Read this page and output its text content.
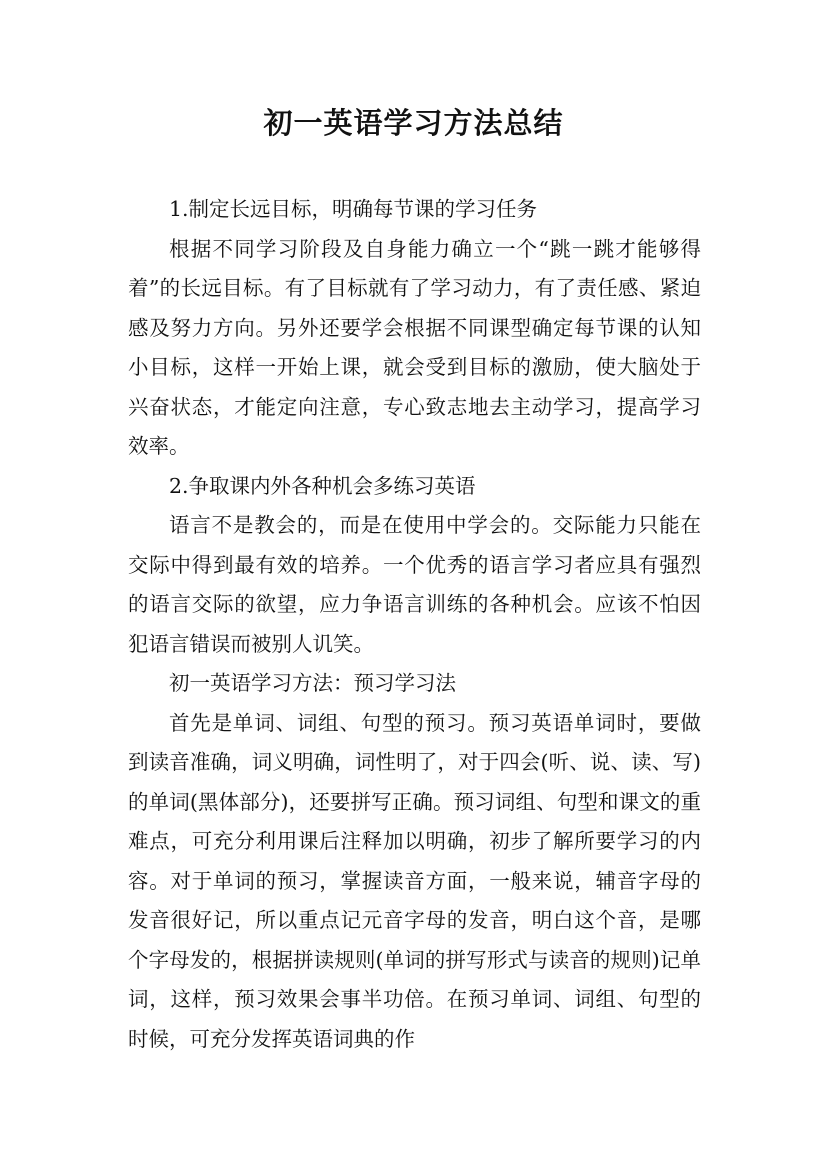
初一英语学习方法总结

1.制定长远目标，明确每节课的学习任务

根据不同学习阶段及自身能力确立一个“跳一跳才能够得着”的长远目标。有了目标就有了学习动力，有了责任感、紧迫感及努力方向。另外还要学会根据不同课型确定每节课的认知小目标，这样一开始上课，就会受到目标的激励，使大脑处于兴奋状态，才能定向注意，专心致志地去主动学习，提高学习效率。

2.争取课内外各种机会多练习英语

语言不是教会的，而是在使用中学会的。交际能力只能在交际中得到最有效的培养。一个优秀的语言学习者应具有强烈的语言交际的欲望，应力争语言训练的各种机会。应该不怕因犯语言错误而被别人讥笑。

初一英语学习方法：预习学习法

首先是单词、词组、句型的预习。预习英语单词时，要做到读音准确，词义明确，词性明了，对于四会(听、说、读、写)的单词(黑体部分)，还要拼写正确。预习词组、句型和课文的重难点，可充分利用课后注释加以明确，初步了解所要学习的内容。对于单词的预习，掌握读音方面，一般来说，辅音字母的发音很好记，所以重点记元音字母的发音，明白这个音，是哪个字母发的，根据拼读规则(单词的拼写形式与读音的规则)记单词，这样，预习效果会事半功倍。在预习单词、词组、句型的时候，可充分发挥英语词典的作
